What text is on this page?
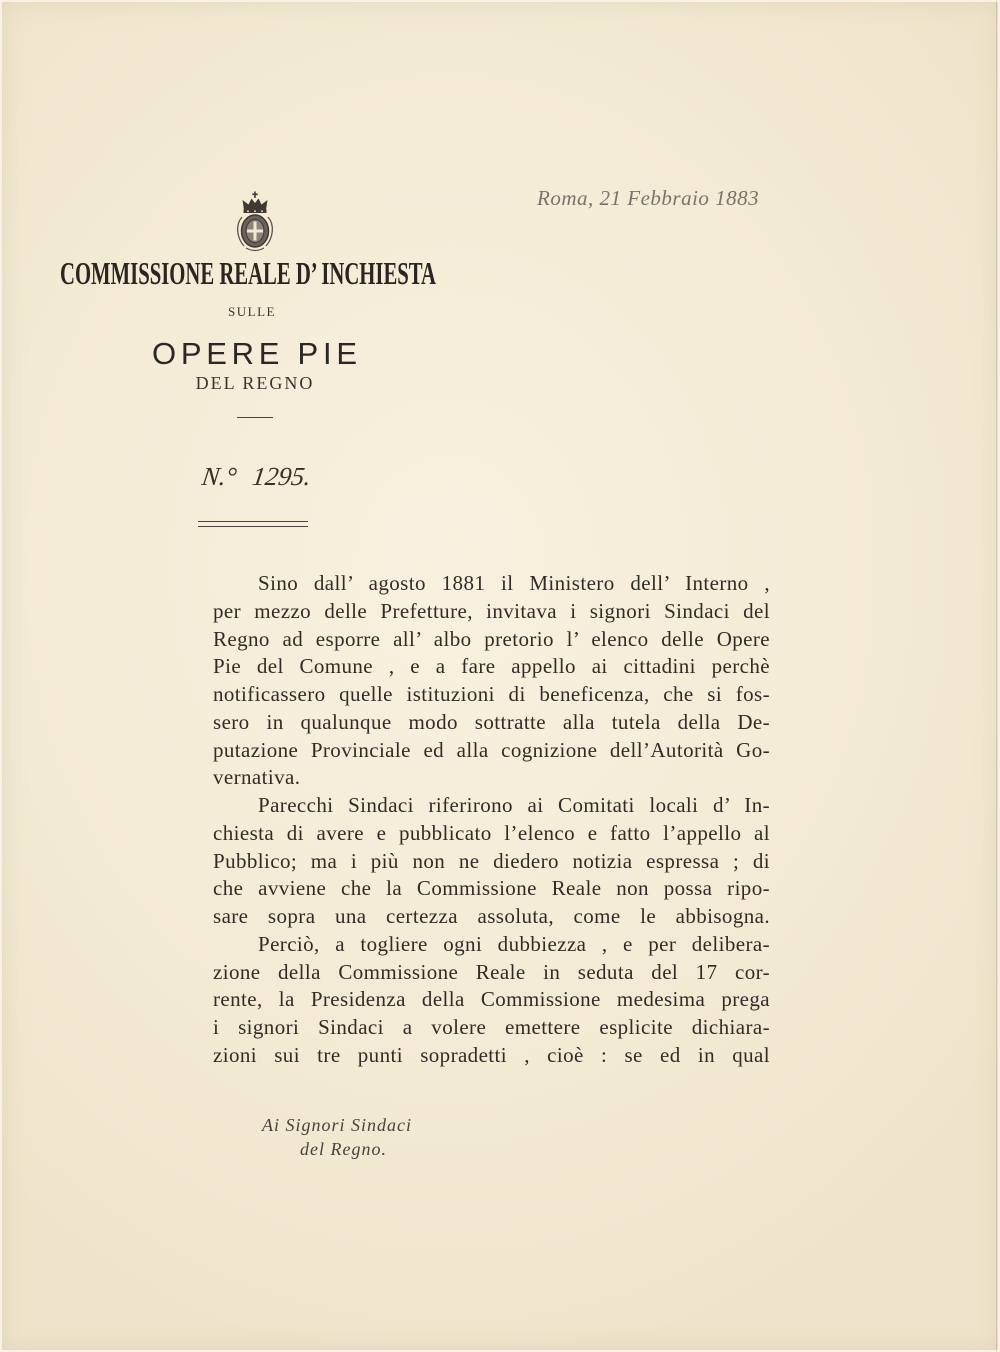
Roma, 21 Febbraio 1883
COMMISSIONE REALE D’ INCHIESTA
SULLE
OPERE PIE
DEL REGNO
N.° 1295.
Sino dall’ agosto 1881 il Ministero dell’ Interno ,
per mezzo delle Prefetture, invitava i signori Sindaci del
Regno ad esporre all’ albo pretorio l’ elenco delle Opere
Pie del Comune , e a fare appello ai cittadini perchè
notificassero quelle istituzioni di beneficenza, che si fos-
sero in qualunque modo sottratte alla tutela della De-
putazione Provinciale ed alla cognizione dell’Autorità Go-
vernativa.
Parecchi Sindaci riferirono ai Comitati locali d’ In-
chiesta di avere e pubblicato l’elenco e fatto l’appello al
Pubblico; ma i più non ne diedero notizia espressa ; di
che avviene che la Commissione Reale non possa ripo-
sare sopra una certezza assoluta, come le abbisogna.
Perciò, a togliere ogni dubbiezza , e per delibera-
zione della Commissione Reale in seduta del 17 cor-
rente, la Presidenza della Commissione medesima prega
i signori Sindaci a volere emettere esplicite dichiara-
zioni sui tre punti sopradetti , cioè : se ed in qual
Ai Signori Sindaci
del Regno.
